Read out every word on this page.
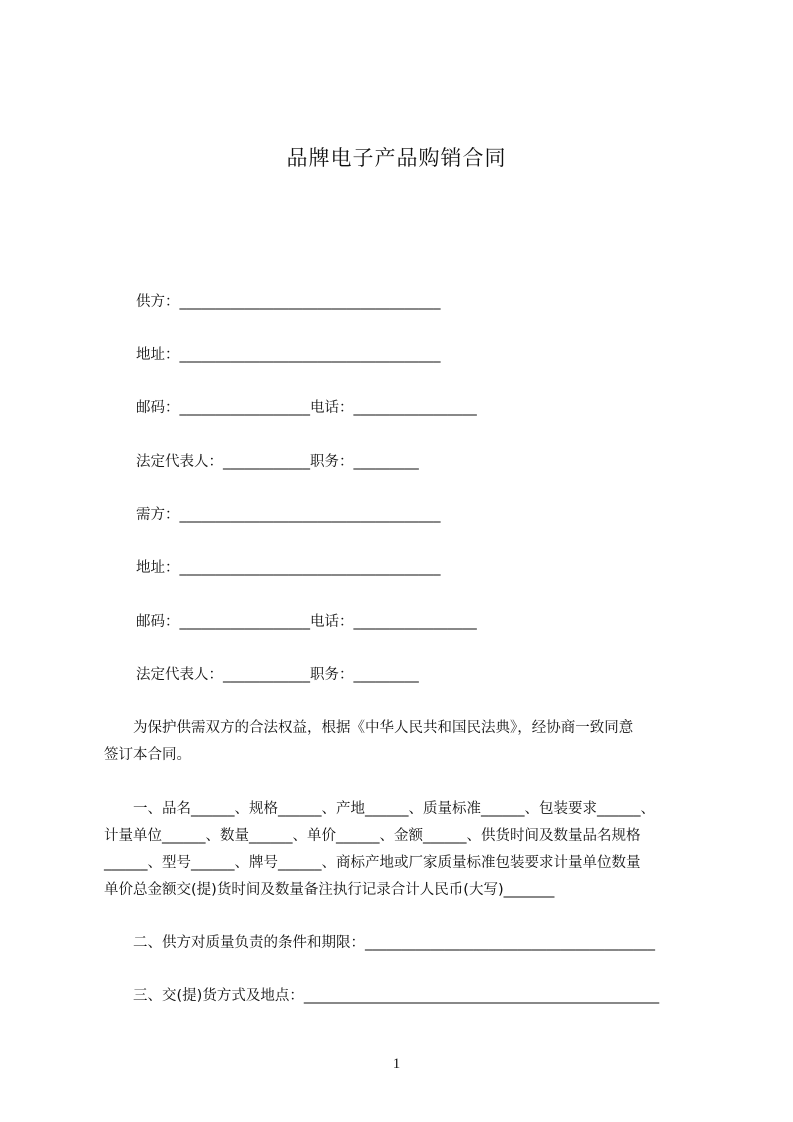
品牌电子产品购销合同
供方：____________________________________
地址：____________________________________
邮码：__________________电话：_________________
法定代表人：____________职务：_________
需方：____________________________________
地址：____________________________________
邮码：__________________电话：_________________
法定代表人：____________职务：_________
　　为保护供需双方的合法权益，根据《中华人民共和国民法典》，经协商一致同意
签订本合同。
　　一、品名______、规格______、产地______、质量标准______、包装要求______、
计量单位______、数量______、单价______、金额______、供货时间及数量品名规格
______、型号______、牌号______、商标产地或厂家质量标准包装要求计量单位数量
单价总金额交(提)货时间及数量备注执行记录合计人民币(大写)_______
　　二、供方对质量负责的条件和期限：________________________________________
　　三、交(提)货方式及地点：_________________________________________________
1
